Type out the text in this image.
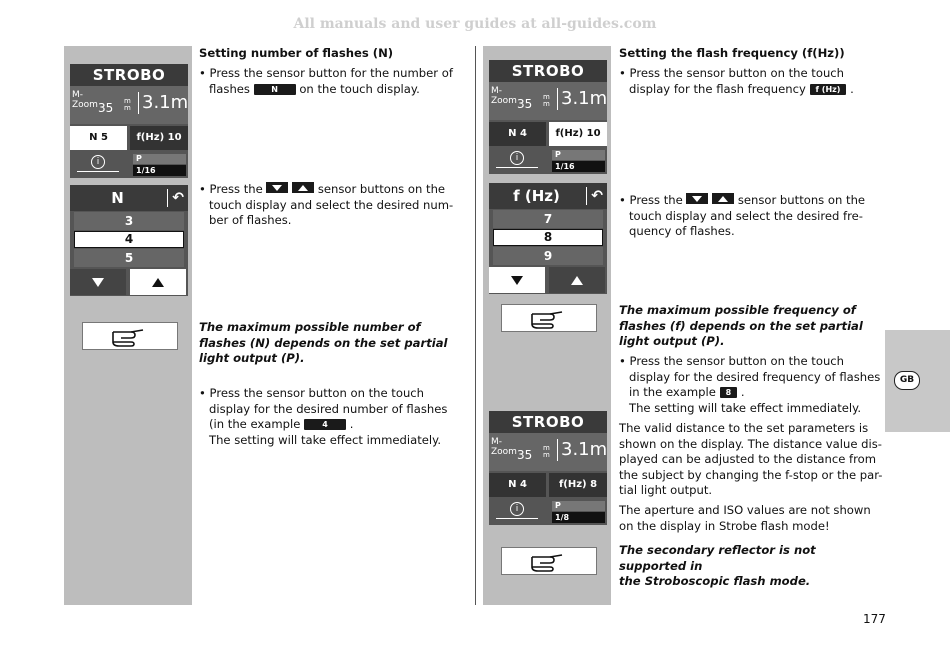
All manuals and user guides at all-guides.com
GB
177
STROBO
M-
Zoom 35 m
m 3.1m
N 5	f(Hz) 10
i	P
1/16
N	↶
3
4
5
Setting number of flashes (N)

• Press the sensor button for the number of

flashes	N on the touch display.

• Press the
	sensor buttons on the

touch display and select the desired num-

ber of flashes.

The maximum possible number of flashes (N) depends on the set partial light output (P).

• Press the sensor button on the touch

display for the desired number of flashes

(in the example	4 .

The setting will take effect immediately.

STROBO
M-
Zoom 35 m
m 3.1m
N 4	f(Hz) 10
i	P
1/16
f (Hz)	↶
7
8
9
STROBO
M-
Zoom 35 m
m 3.1m
N 4	f(Hz) 8
i	P
1/8
Setting the flash frequency (f(Hz))

• Press the sensor button on the touch

display for the flash frequency f (Hz) .

• Press the
	sensor buttons on the

touch display and select the desired fre-

quency of flashes.

The maximum possible frequency of flashes (f) depends on the set partial light output (P).

• Press the sensor button on the touch

display for the desired frequency of flashes

in the example 8 .

The setting will take effect immediately.

The valid distance to the set parameters is
shown on the display. The distance value dis-
played can be adjusted to the distance from
the subject by changing the f-stop or the par-
tial light output.
The aperture and ISO values are not shown
on the display in Strobe flash mode!
The secondary reflector is not supported in
the Stroboscopic flash mode.
